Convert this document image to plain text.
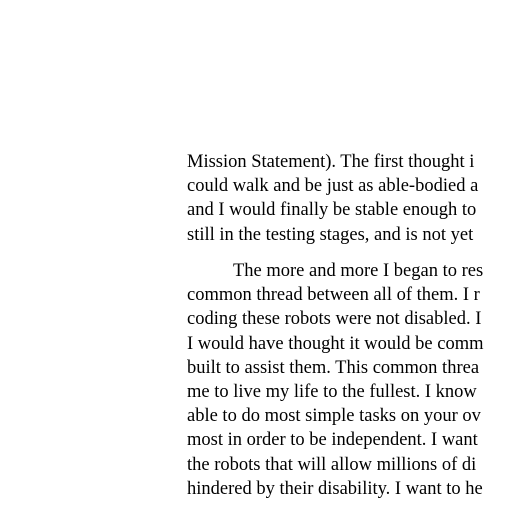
Mission Statement). The first thought i
could walk and be just as able-bodied a
and I would finally be stable enough to
still in the testing stages, and is not yet
The more and more I began to res
common thread between all of them. I r
coding these robots were not disabled. I
I would have thought it would be comm
built to assist them. This common threa
me to live my life to the fullest. I know
able to do most simple tasks on your ov
most in order to be independent. I want
the robots that will allow millions of di
hindered by their disability. I want to he
